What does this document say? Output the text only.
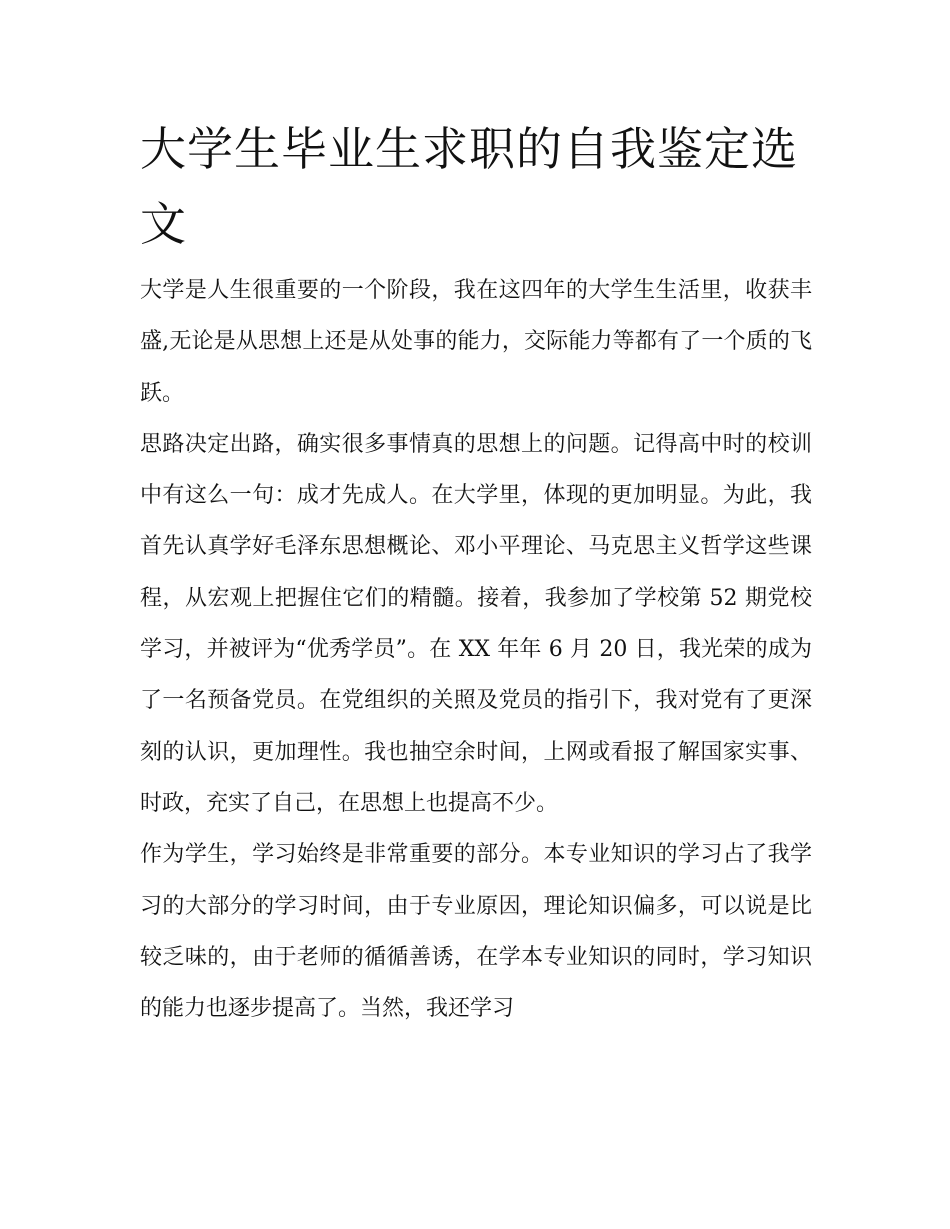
大学生毕业生求职的自我鉴定选文

大学是人生很重要的一个阶段，我在这四年的大学生生活里，收获丰盛,无论是从思想上还是从处事的能力，交际能力等都有了一个质的飞跃。

思路决定出路，确实很多事情真的思想上的问题。记得高中时的校训中有这么一句：成才先成人。在大学里，体现的更加明显。为此，我首先认真学好毛泽东思想概论、邓小平理论、马克思主义哲学这些课程，从宏观上把握住它们的精髓。接着，我参加了学校第 52 期党校学习，并被评为“优秀学员”。在 XX 年年 6 月 20 日，我光荣的成为了一名预备党员。在党组织的关照及党员的指引下，我对党有了更深刻的认识，更加理性。我也抽空余时间，上网或看报了解国家实事、时政，充实了自己，在思想上也提高不少。

作为学生，学习始终是非常重要的部分。本专业知识的学习占了我学习的大部分的学习时间，由于专业原因，理论知识偏多，可以说是比较乏味的，由于老师的循循善诱，在学本专业知识的同时，学习知识的能力也逐步提高了。当然，我还学习
